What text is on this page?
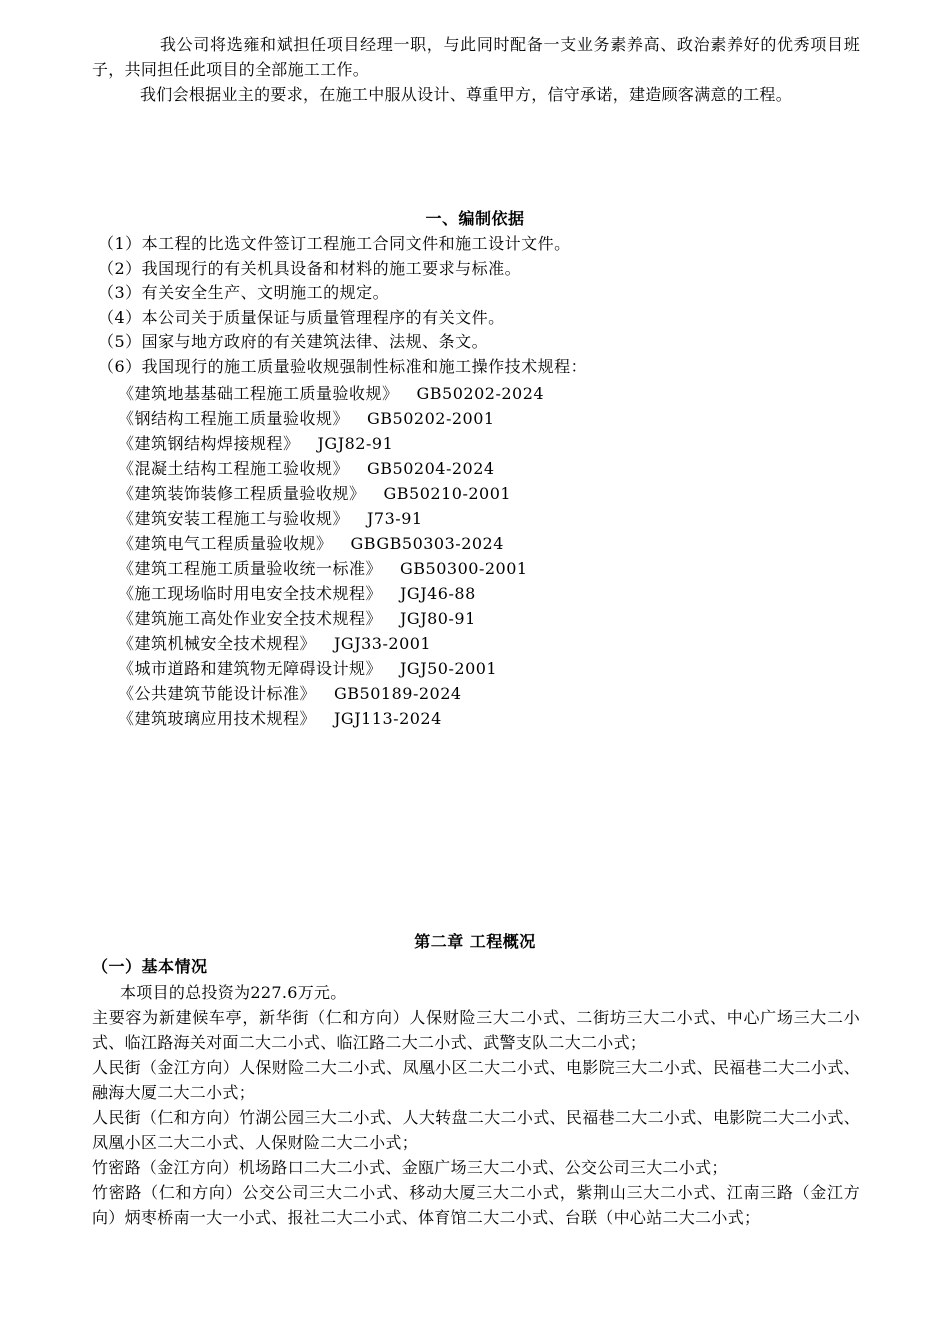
我公司将选雍和斌担任项目经理一职，与此同时配备一支业务素养高、政治素养好的优秀项目班子，共同担任此项目的全部施工工作。

我们会根据业主的要求，在施工中服从设计、尊重甲方，信守承诺，建造顾客满意的工程。

一、编制依据
（1）本工程的比选文件签订工程施工合同文件和施工设计文件。
（2）我国现行的有关机具设备和材料的施工要求与标准。
（3）有关安全生产、文明施工的规定。
（4）本公司关于质量保证与质量管理程序的有关文件。
（5）国家与地方政府的有关建筑法律、法规、条文。
（6）我国现行的施工质量验收规强制性标准和施工操作技术规程：
《建筑地基基础工程施工质量验收规》 GB50202-2024
《钢结构工程施工质量验收规》 GB50202-2001
《建筑钢结构焊接规程》 JGJ82-91
《混凝土结构工程施工验收规》 GB50204-2024
《建筑装饰装修工程质量验收规》 GB50210-2001
《建筑安装工程施工与验收规》 J73-91
《建筑电气工程质量验收规》 GBGB50303-2024
《建筑工程施工质量验收统一标准》 GB50300-2001
《施工现场临时用电安全技术规程》 JGJ46-88
《建筑施工高处作业安全技术规程》 JGJ80-91
《建筑机械安全技术规程》 JGJ33-2001
《城市道路和建筑物无障碍设计规》 JGJ50-2001
《公共建筑节能设计标准》 GB50189-2024
《建筑玻璃应用技术规程》 JGJ113-2024
第二章 工程概况
（一）基本情况

本项目的总投资为227.6万元。

主要容为新建候车亭，新华街（仁和方向）人保财险三大二小式、二街坊三大二小式、中心广场三大二小式、临江路海关对面二大二小式、临江路二大二小式、武警支队二大二小式；

人民街（金江方向）人保财险二大二小式、凤凰小区二大二小式、电影院三大二小式、民福巷二大二小式、融海大厦二大二小式；

人民街（仁和方向）竹湖公园三大二小式、人大转盘二大二小式、民福巷二大二小式、电影院二大二小式、凤凰小区二大二小式、人保财险二大二小式；

竹密路（金江方向）机场路口二大二小式、金瓯广场三大二小式、公交公司三大二小式；

竹密路（仁和方向）公交公司三大二小式、移动大厦三大二小式，紫荆山三大二小式、江南三路（金江方向）炳枣桥南一大一小式、报社二大二小式、体育馆二大二小式、台联（中心站二大二小式；
